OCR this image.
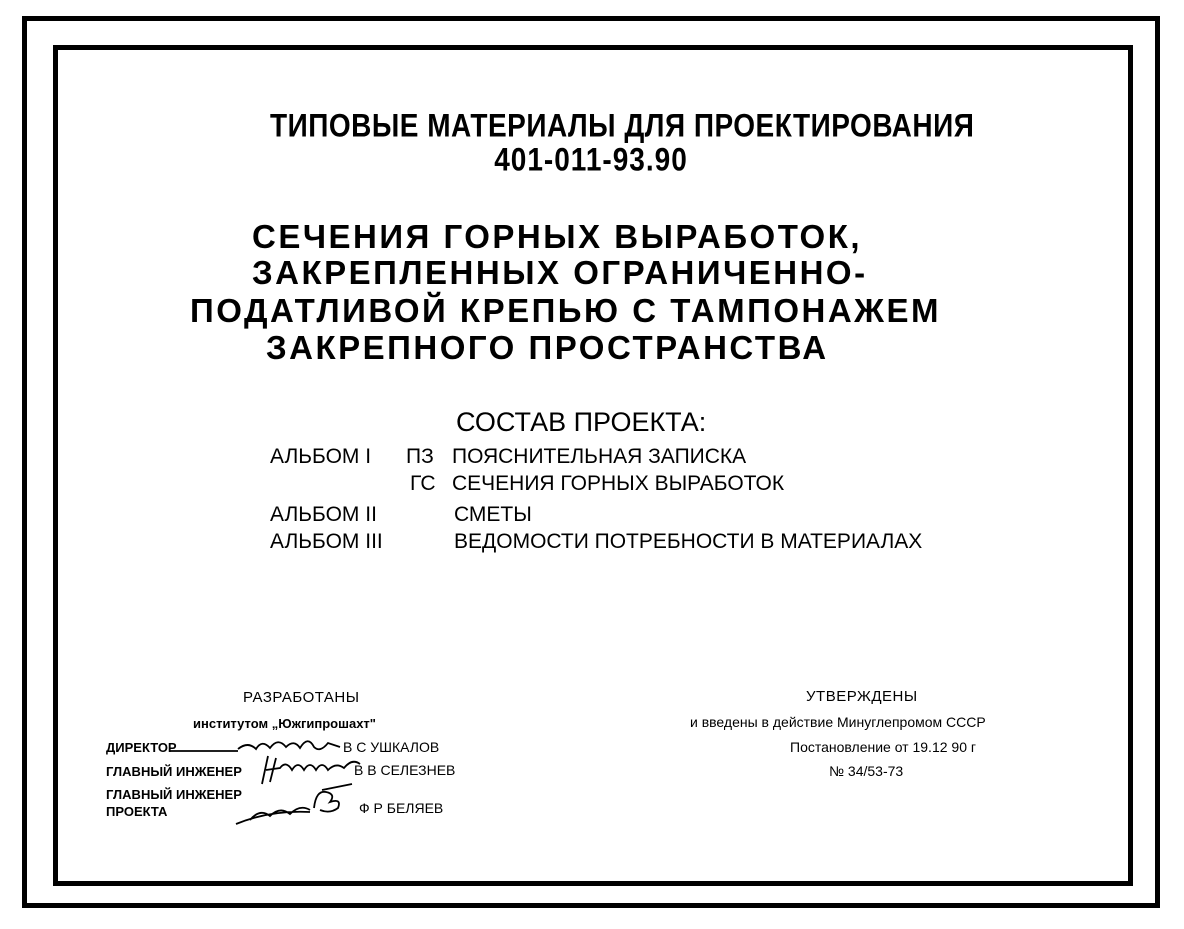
ТИПОВЫЕ МАТЕРИАЛЫ ДЛЯ ПРОЕКТИРОВАНИЯ
401-011-93.90
СЕЧЕНИЯ ГОРНЫХ ВЫРАБОТОК,
ЗАКРЕПЛЕННЫХ ОГРАНИЧЕННО-
ПОДАТЛИВОЙ КРЕПЬЮ С ТАМПОНАЖЕМ
ЗАКРЕПНОГО ПРОСТРАНСТВА
СОСТАВ ПРОЕКТА:
АЛЬБОМ I ПЗ ПОЯСНИТЕЛЬНАЯ ЗАПИСКА
ГС СЕЧЕНИЯ ГОРНЫХ ВЫРАБОТОК
АЛЬБОМ II	СМЕТЫ
АЛЬБОМ III	ВЕДОМОСТИ ПОТРЕБНОСТИ В МАТЕРИАЛАХ
РАЗРАБОТАНЫ
институтом „Южгипрошахт"
ДИРЕКТОР	В С УШКАЛОВ
ГЛАВНЫЙ ИНЖЕНЕР	В В СЕЛЕЗНЕВ
ГЛАВНЫЙ ИНЖЕНЕР
ПРОЕКТА	Ф Р БЕЛЯЕВ
УТВЕРЖДЕНЫ
и введены в действие Минуглепромом СССР
Постановление от 19.12 90 г
№ 34/53-73
